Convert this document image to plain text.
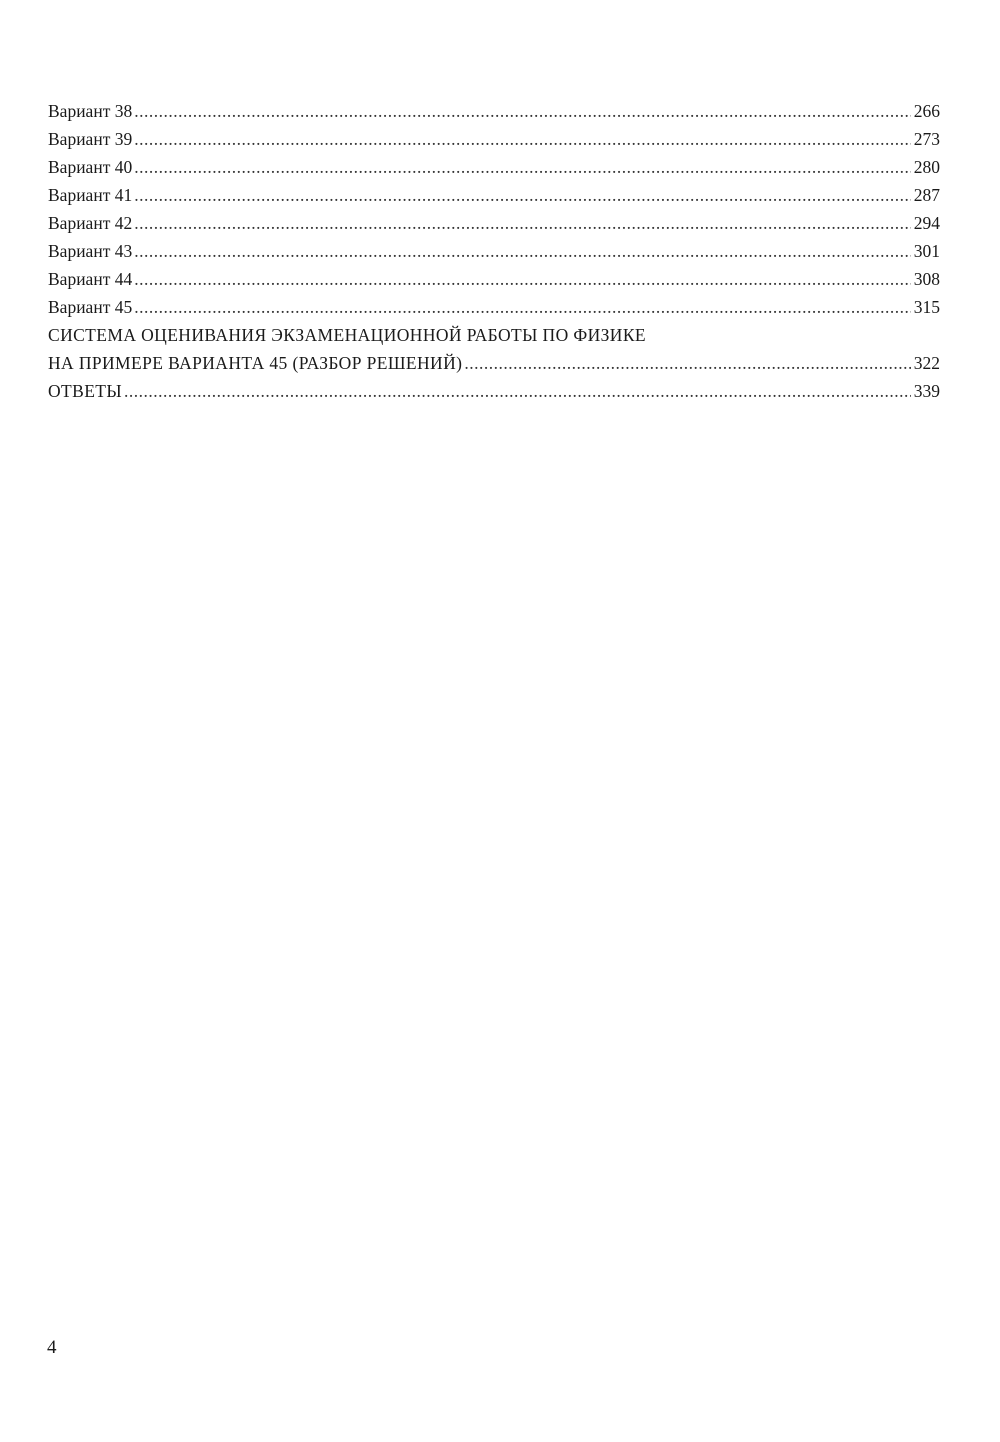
Вариант 38 .....	266
Вариант 39 .....	273
Вариант 40 .....	280
Вариант 41 .....	287
Вариант 42 .....	294
Вариант 43 .....	301
Вариант 44 .....	308
Вариант 45 .....	315
СИСТЕМА ОЦЕНИВАНИЯ ЭКЗАМЕНАЦИОННОЙ РАБОТЫ ПО ФИЗИКЕ
НА ПРИМЕРЕ ВАРИАНТА 45 (РАЗБОР РЕШЕНИЙ) .....	322
ОТВЕТЫ .....	339
4
